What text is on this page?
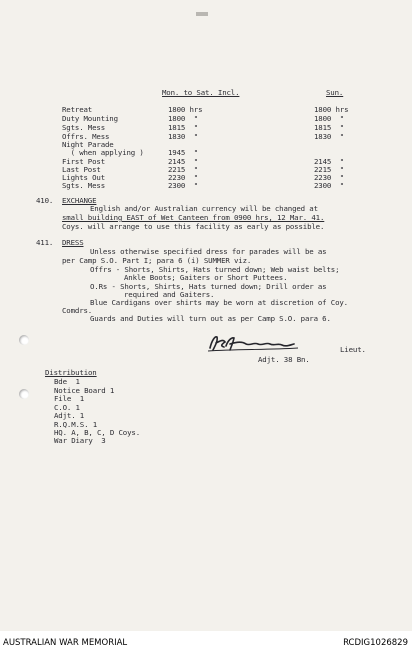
Mon. to Sat. Incl.	Sun.
Retreat	1800 hrs	1800 hrs
Duty Mounting	1800  "	1800  "
Sgts. Mess	1815  "	1815  "
Offrs. Mess	1830  "	1830  "
Night Parade
( when applying )	1945  "
First Post	2145  "	2145  "
Last Post	2215  "	2215  "
Lights Out	2230  "	2230  "
Sgts. Mess	2300  "	2300  "
410. EXCHANGE
English and/or Australian currency will be changed at
small building EAST of Wet Canteen from 0900 hrs, 12 Mar. 41.
Coys. will arrange to use this facility as early as possible.
411. DRESS
Unless otherwise specified dress for parades will be as
per Camp S.O. Part I; para 6 (i) SUMMER viz.
Offrs - Shorts, Shirts, Hats turned down; Web waist belts;
Ankle Boots; Gaiters or Short Puttees.
O.Rs - Shorts, Shirts, Hats turned down; Drill order as
required and Gaiters.
Blue Cardigans over shirts may be worn at discretion of Coy.
Comdrs.
Guards and Duties will turn out as per Camp S.O. para 6.
Lieut.
Adjt. 38 Bn.
Distribution
Bde  1
Notice Board 1
File  1
C.O. 1
Adjt. 1
R.Q.M.S. 1
HQ. A, B, C, D Coys.
War Diary  3
AUSTRALIAN WAR MEMORIAL	RCDIG1026829
